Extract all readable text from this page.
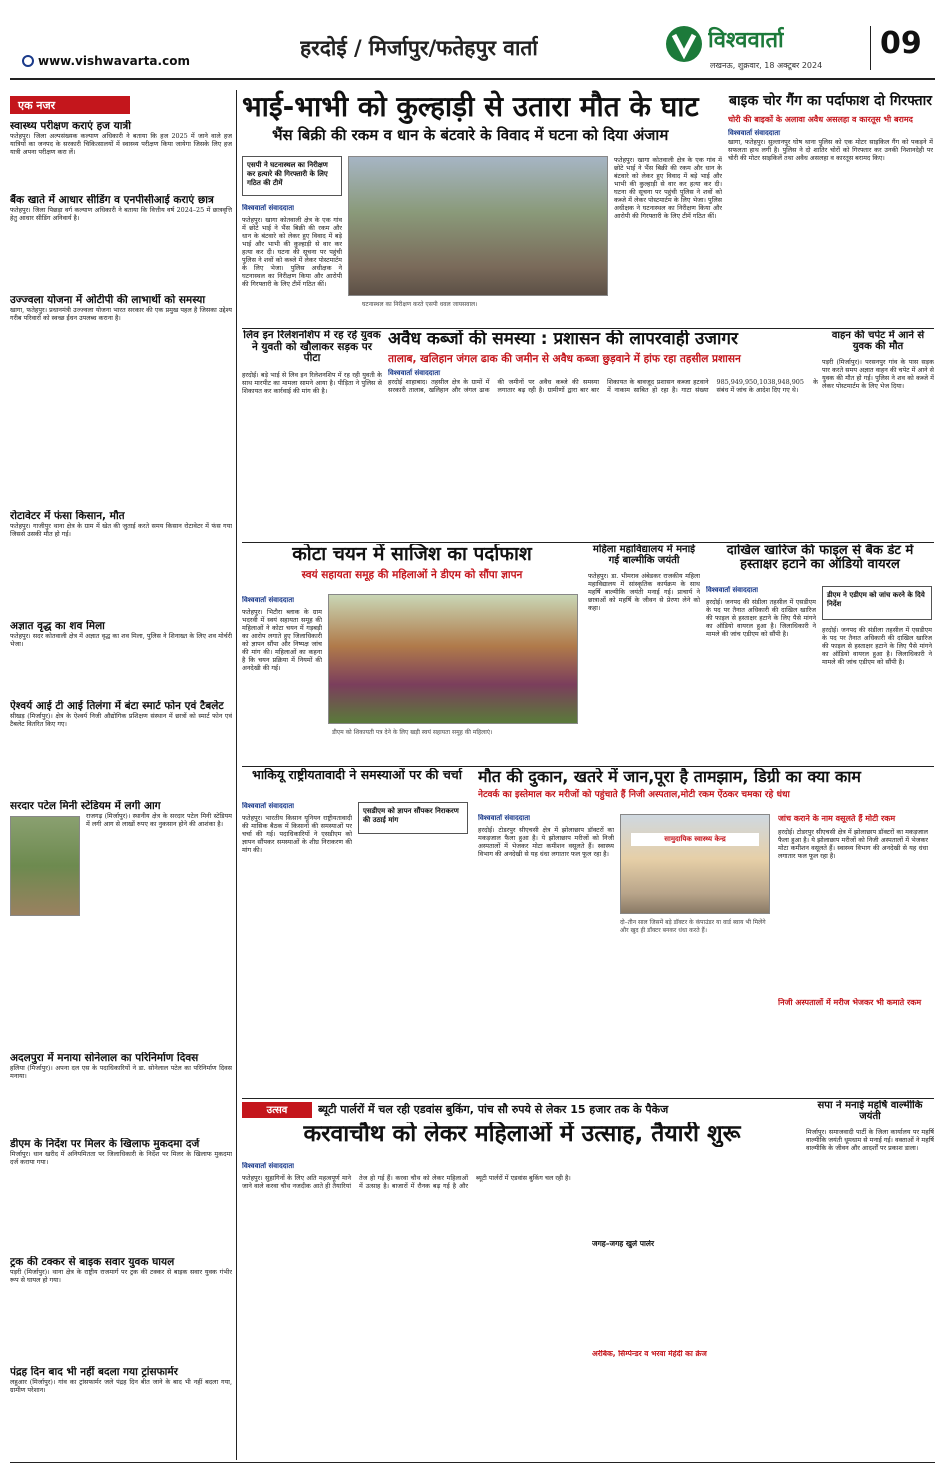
www.vishwavarta.com
हरदोई / मिर्जापुर/फतेहपुर वार्ता	विश्ववार्ता
लखनऊ, शुक्रवार, 18 अक्टूबर 2024
09
एक नजर
स्वास्थ्य परीक्षण कराएं हज यात्री
फतेहपुर। जिला अल्पसंख्यक कल्याण अधिकारी ने बताया कि हज 2025 में जाने वाले हज यात्रियों का जनपद के सरकारी चिकित्सालयों में स्वास्थ्य परीक्षण किया जायेगा जिसके लिए हज यात्री अपना परीक्षण करा लें।
बैंक खाते में आधार सीडिंग व एनपीसीआई कराएं छात्र
फतेहपुर। जिला पिछड़ा वर्ग कल्याण अधिकारी ने बताया कि वित्तीय वर्ष 2024–25 में छात्रवृत्ति हेतु आधार सीडिंग अनिवार्य है।
उज्ज्वला योजना में ओटीपी की लाभार्थी को समस्या
खागा, फतेहपुर। प्रधानमंत्री उज्ज्वला योजना भारत सरकार की एक प्रमुख पहल है जिसका उद्देश्य गरीब परिवारों को स्वच्छ ईंधन उपलब्ध कराना है।
रोटावेटर में फंसा किसान, मौत
फतेहपुर। गाजीपुर थाना क्षेत्र के ग्राम में खेत की जुताई करते समय किसान रोटावेटर में फंस गया जिससे उसकी मौत हो गई।
अज्ञात वृद्ध का शव मिला
फतेहपुर। सदर कोतवाली क्षेत्र में अज्ञात वृद्ध का शव मिला, पुलिस ने शिनाख्त के लिए शव मोर्चरी भेजा।
ऐश्वर्य आई टी आई तिलंगा में बंटा स्मार्ट फोन एवं टैबलेट
सीखड़ (मिर्जापुर)। क्षेत्र के ऐश्वर्य निजी औद्योगिक प्रशिक्षण संस्थान में छात्रों को स्मार्ट फोन एवं टैबलेट वितरित किए गए।
सरदार पटेल मिनी स्टेडियम में लगी आग
राजगढ़ (मिर्जापुर)। स्थानीय क्षेत्र के सरदार पटेल मिनी स्टेडियम में लगी आग से लाखों रुपए का नुकसान होने की आशंका है।
अदलपुरा में मनाया सोनेलाल का परिनिर्माण दिवस
हलिया (मिर्जापुर)। अपना दल एस के पदाधिकारियों ने डा. सोनेलाल पटेल का परिनिर्माण दिवस मनाया।
डीएम के निर्देश पर मिलर के खिलाफ मुकदमा दर्ज
मिर्जापुर। धान खरीद में अनियमितता पर जिलाधिकारी के निर्देश पर मिलर के खिलाफ मुकदमा दर्ज कराया गया।
ट्रक की टक्कर से बाइक सवार युवक घायल
पड़री (मिर्जापुर)। थाना क्षेत्र के राष्ट्रीय राजमार्ग पर ट्रक की टक्कर से बाइक सवार युवक गंभीर रूप से घायल हो गया।
पंद्रह दिन बाद भी नहीं बदला गया ट्रांसफार्मर
लहुआर (मिर्जापुर)। गांव का ट्रांसफार्मर जले पंद्रह दिन बीत जाने के बाद भी नहीं बदला गया, ग्रामीण परेशान।
भाई-भाभी को कुल्हाड़ी से उतारा मौत के घाट
भैंस बिक्री की रकम व धान के बंटवारे के विवाद में घटना को दिया अंजाम
एसपी ने घटनास्थल का निरीक्षण कर हत्यारे की गिरफ्तारी के लिए गठित की टीमें
विश्ववार्ता संवाददाता
फतेहपुर। खागा कोतवाली क्षेत्र के एक गांव में छोटे भाई ने भैंस बिक्री की रकम और धान के बंटवारे को लेकर हुए विवाद में बड़े भाई और भाभी की कुल्हाड़ी से वार कर हत्या कर दी। घटना की सूचना पर पहुंची पुलिस ने शवों को कब्जे में लेकर पोस्टमार्टम के लिए भेजा। पुलिस अधीक्षक ने घटनास्थल का निरीक्षण किया और आरोपी की गिरफ्तारी के लिए टीमें गठित कीं।
घटनास्थल का निरीक्षण करते एसपी धवल जायसवाल।
फतेहपुर। खागा कोतवाली क्षेत्र के एक गांव में छोटे भाई ने भैंस बिक्री की रकम और धान के बंटवारे को लेकर हुए विवाद में बड़े भाई और भाभी की कुल्हाड़ी से वार कर हत्या कर दी। घटना की सूचना पर पहुंची पुलिस ने शवों को कब्जे में लेकर पोस्टमार्टम के लिए भेजा। पुलिस अधीक्षक ने घटनास्थल का निरीक्षण किया और आरोपी की गिरफ्तारी के लिए टीमें गठित कीं।
बाइक चोर गैंग का पर्दाफाश दो गिरफ्तार
चोरी की बाइकों के अलावा अवैध असलहा व कारतूस भी बरामद
विश्ववार्ता संवाददाता
खागा, फतेहपुर। सुल्तानपुर घोष थाना पुलिस को एक मोटर साइकिल गैंग को पकड़ने में सफलता हाथ लगी है। पुलिस ने दो शातिर चोरों को गिरफ्तार कर उनकी निशानदेही पर चोरी की मोटर साइकिलें तथा अवैध असलहा व कारतूस बरामद किए।
वाहन की चपेट में आने से युवक की मौत
पड़री (मिर्जापुर)। परसनपुर गांव के पास सड़क पार करते समय अज्ञात वाहन की चपेट में आने से युवक की मौत हो गई। पुलिस ने शव को कब्जे में लेकर पोस्टमार्टम के लिए भेज दिया।
लिव इन रिलेशनशिप में रह रहे युवक ने युवती को खौलाकर सड़क पर पीटा
हरदोई। बड़े भाई से लिव इन रिलेशनशिप में रह रही युवती के साथ मारपीट का मामला सामने आया है। पीड़िता ने पुलिस से शिकायत कर कार्रवाई की मांग की है।
अवैध कब्जों की समस्या : प्रशासन की लापरवाही उजागर
तालाब, खलिहान जंगल ढाक की जमीन से अवैध कब्जा छुड़वाने में हांफ रहा तहसील प्रशासन
विश्ववार्ता संवाददाता
हरदोई शाहाबाद। तहसील क्षेत्र के ग्रामों में सरकारी तालाब, खलिहान और जंगल ढाक की जमीनों पर अवैध कब्जे की समस्या लगातार बढ़ रही है। ग्रामीणों द्वारा बार बार शिकायत के बावजूद प्रशासन कब्जा हटवाने में नाकाम साबित हो रहा है। गाटा संख्या 985,949,950,1038,948,905 के संबंध में जांच के आदेश दिए गए थे।
कोटा चयन में साजिश का पर्दाफाश
स्वयं सहायता समूह की महिलाओं ने डीएम को सौंपा ज्ञापन
विश्ववार्ता संवाददाता
फतेहपुर। भिटौरा ब्लाक के ग्राम भदरवी में स्वयं सहायता समूह की महिलाओं ने कोटा चयन में गड़बड़ी का आरोप लगाते हुए जिलाधिकारी को ज्ञापन सौंपा और निष्पक्ष जांच की मांग की। महिलाओं का कहना है कि चयन प्रक्रिया में नियमों की अनदेखी की गई।
डीएम को शिकायती पत्र देने के लिए खड़ी स्वयं सहायता समूह की महिलाएं।
महिला महाविद्यालय में मनाई गई बाल्मीकि जयंती
फतेहपुर। डा. भीमराव अंबेडकर राजकीय महिला महाविद्यालय में सांस्कृतिक कार्यक्रम के साथ महर्षि बाल्मीकि जयंती मनाई गई। प्राचार्य ने छात्राओं को महर्षि के जीवन से प्रेरणा लेने को कहा।
दाखिल खारिज की फाइल से बैंक डेट में हस्ताक्षर हटाने का ऑडियो वायरल
विश्ववार्ता संवाददाता
हरदोई। जनपद की संडीला तहसील में एसडीएम के पद पर तैनात अधिकारी की दाखिल खारिज की फाइल से हस्ताक्षर हटाने के लिए पैसे मांगने का ऑडियो वायरल हुआ है। जिलाधिकारी ने मामले की जांच एडीएम को सौंपी है।
डीएम ने एडीएम को जांच करने के दिये निर्देश
हरदोई। जनपद की संडीला तहसील में एसडीएम के पद पर तैनात अधिकारी की दाखिल खारिज की फाइल से हस्ताक्षर हटाने के लिए पैसे मांगने का ऑडियो वायरल हुआ है। जिलाधिकारी ने मामले की जांच एडीएम को सौंपी है।
भाकियू राष्ट्रीयतावादी ने समस्याओं पर की चर्चा
विश्ववार्ता संवाददाता
फतेहपुर। भारतीय किसान यूनियन राष्ट्रीयतावादी की मासिक बैठक में किसानों की समस्याओं पर चर्चा की गई। पदाधिकारियों ने एसडीएम को ज्ञापन सौंपकर समस्याओं के शीघ्र निराकरण की मांग की।
एसडीएम को ज्ञापन सौंपकर निराकरण की उठाई मांग
मौत की दुकान, खतरे में जान,पूरा है तामझाम, डिग्री का क्या काम
नेटवर्क का इस्तेमाल कर मरीजों को पहुंचाते हैं निजी अस्पताल,मोटी रकम ऐंठकर चमका रहे धंधा
विश्ववार्ता संवाददाता
हरदोई। टोडरपुर सीएचसी क्षेत्र में झोलाछाप डॉक्टरों का मकड़जाल फैला हुआ है। ये झोलाछाप मरीजों को निजी अस्पतालों में भेजकर मोटा कमीशन वसूलते हैं। स्वास्थ्य विभाग की अनदेखी से यह धंधा लगातार फल फूल रहा है।
सामुदायिक स्वास्थ्य केन्द्र
दो–तीन साल जिसमें बड़े डॉक्टर के कंपाउंडर या वार्ड ब्वाय भी मिलेंगे और खुद ही डॉक्टर बनकर धंधा करते हैं।
जांच कराने के नाम वसूलते हैं मोटी रकम
हरदोई। टोडरपुर सीएचसी क्षेत्र में झोलाछाप डॉक्टरों का मकड़जाल फैला हुआ है। ये झोलाछाप मरीजों को निजी अस्पतालों में भेजकर मोटा कमीशन वसूलते हैं। स्वास्थ्य विभाग की अनदेखी से यह धंधा लगातार फल फूल रहा है।
निजी अस्पतालों में मरीज भेजकर भी कमाते रकम
उत्सव	ब्यूटी पार्लरों में चल रही एडवांस बुकिंग, पांच सौ रुपये से लेकर 15 हजार तक के पैकेज
करवाचौथ को लेकर महिलाओं में उत्साह, तैयारी शुरू
विश्ववार्ता संवाददाता
फतेहपुर। सुहागिनों के लिए अति महत्वपूर्ण माने जाने वाले करवा चौथ नजदीक आते ही तैयारियां तेज हो गई हैं। करवा चौथ को लेकर महिलाओं में उत्साह है। बाजारों में रौनक बढ़ गई है और ब्यूटी पार्लरों में एडवांस बुकिंग चल रही है।
जगह–जगह खुले पार्लर
अरेबिक, सिम्पेन्डर व भरवा मेहंदी का क्रेज
सपा ने मनाई महर्षि वाल्मीकि जयंती
मिर्जापुर। समाजवादी पार्टी के जिला कार्यालय पर महर्षि वाल्मीकि जयंती धूमधाम से मनाई गई। वक्ताओं ने महर्षि वाल्मीकि के जीवन और आदर्शों पर प्रकाश डाला।
